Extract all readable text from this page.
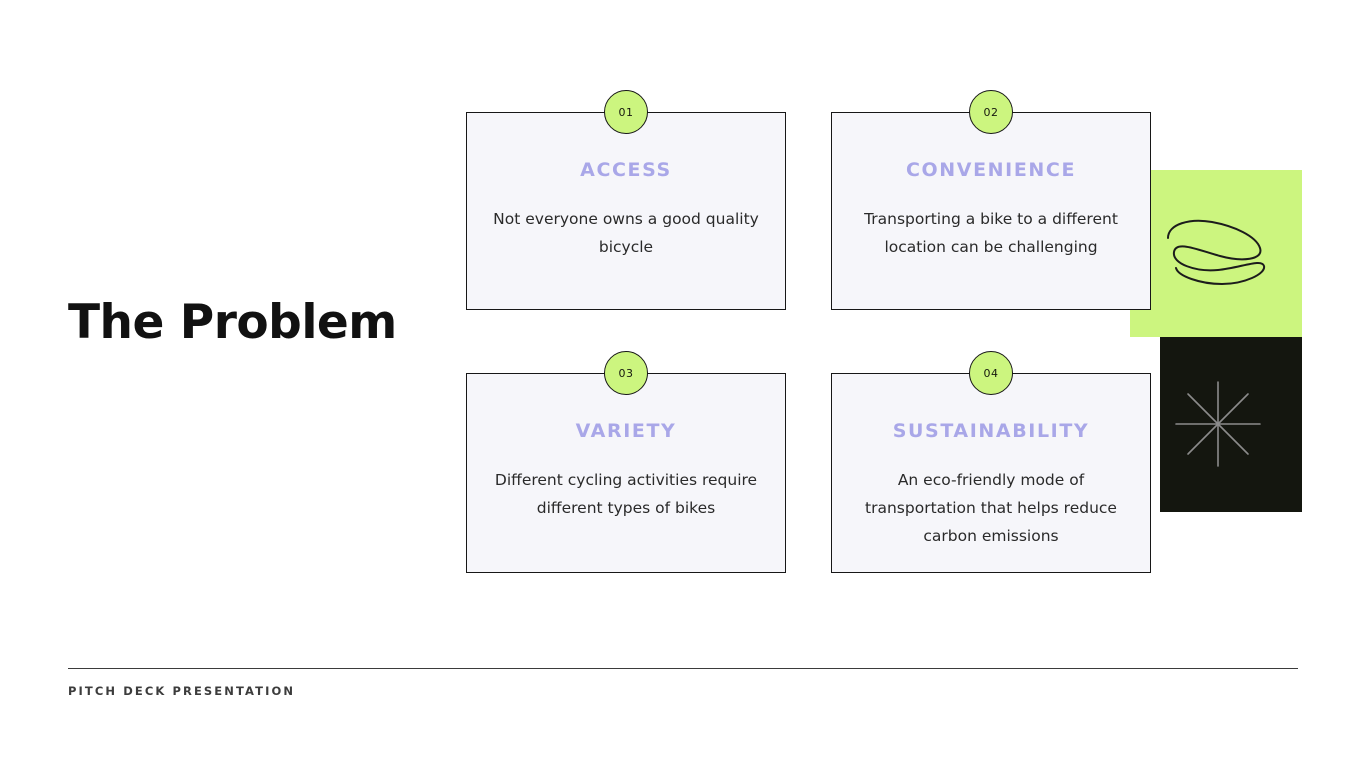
The Problem
01
ACCESS
Not everyone owns a good quality bicycle
02
CONVENIENCE
Transporting a bike to a different location can be challenging
03
VARIETY
Different cycling activities require different types of bikes
04
SUSTAINABILITY
An eco-friendly mode of transportation that helps reduce carbon emissions
PITCH DECK PRESENTATION
